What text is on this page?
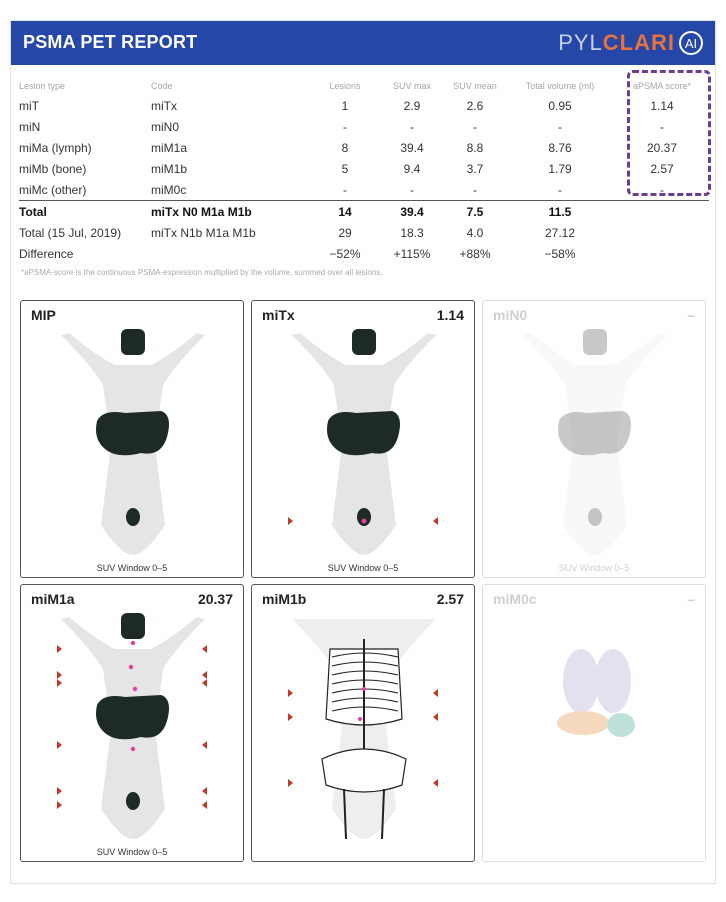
PSMA PET REPORT	PYL CLARI AI
Lesion type	Code	Lesions	SUV max	SUV mean	Total volume (ml)	aPSMA score*
miT	miTx	1	2.9	2.6	0.95	1.14
miN	miN0	-	-	-	-	-
miMa (lymph)	miM1a	8	39.4	8.8	8.76	20.37
miMb (bone)	miM1b	5	9.4	3.7	1.79	2.57
miMc (other)	miM0c	-	-	-	-	-
Total	miTx N0 M1a M1b	14	39.4	7.5	11.5	
Total (15 Jul, 2019)	miTx N1b M1a M1b	29	18.3	4.0	27.12	
Difference		−52%	+115%	+88%	−58%	
*aPSMA-score is the continuous PSMA-expression multiplied by the volume, summed over all lesions.
MIP
SUV Window 0–5
miTx	1.14
SUV Window 0–5
miN0	–
SUV Window 0–5
miM1a	20.37
SUV Window 0–5
miM1b	2.57 miM0c	–
